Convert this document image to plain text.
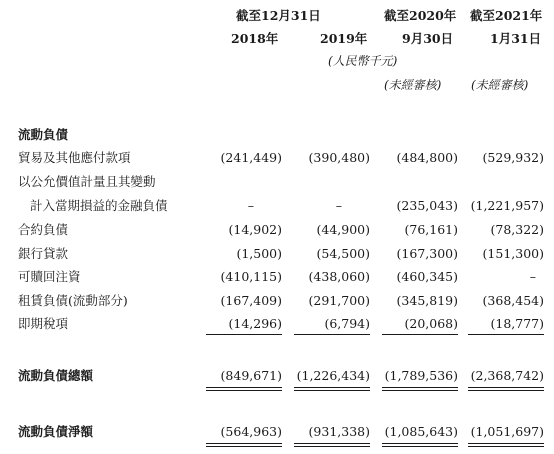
截至12月31日	截至2020年 截至2021年
2018年	2019年	9月30日	1月31日
(人民幣千元)
(未經審核) (未經審核)
流動負債
貿易及其他應付款項	(241,449) (390,480) (484,800) (529,932)
以公允價值計量且其變動
計入當期損益的金融負債	–	–	(235,043) (1,221,957)
合約負債	(14,902)	(44,900)	(76,161)	(78,322)
銀行貸款	(1,500)	(54,500) (167,300) (151,300)
可贖回注資	(410,115) (438,060) (460,345)	–
租賃負債(流動部分)	(167,409) (291,700) (345,819) (368,454)
即期稅項	(14,296)	(6,794)	(20,068)	(18,777)
流動負債總額	(849,671) (1,226,434) (1,789,536) (2,368,742)
流動負債淨額	(564,963) (931,338) (1,085,643) (1,051,697)
